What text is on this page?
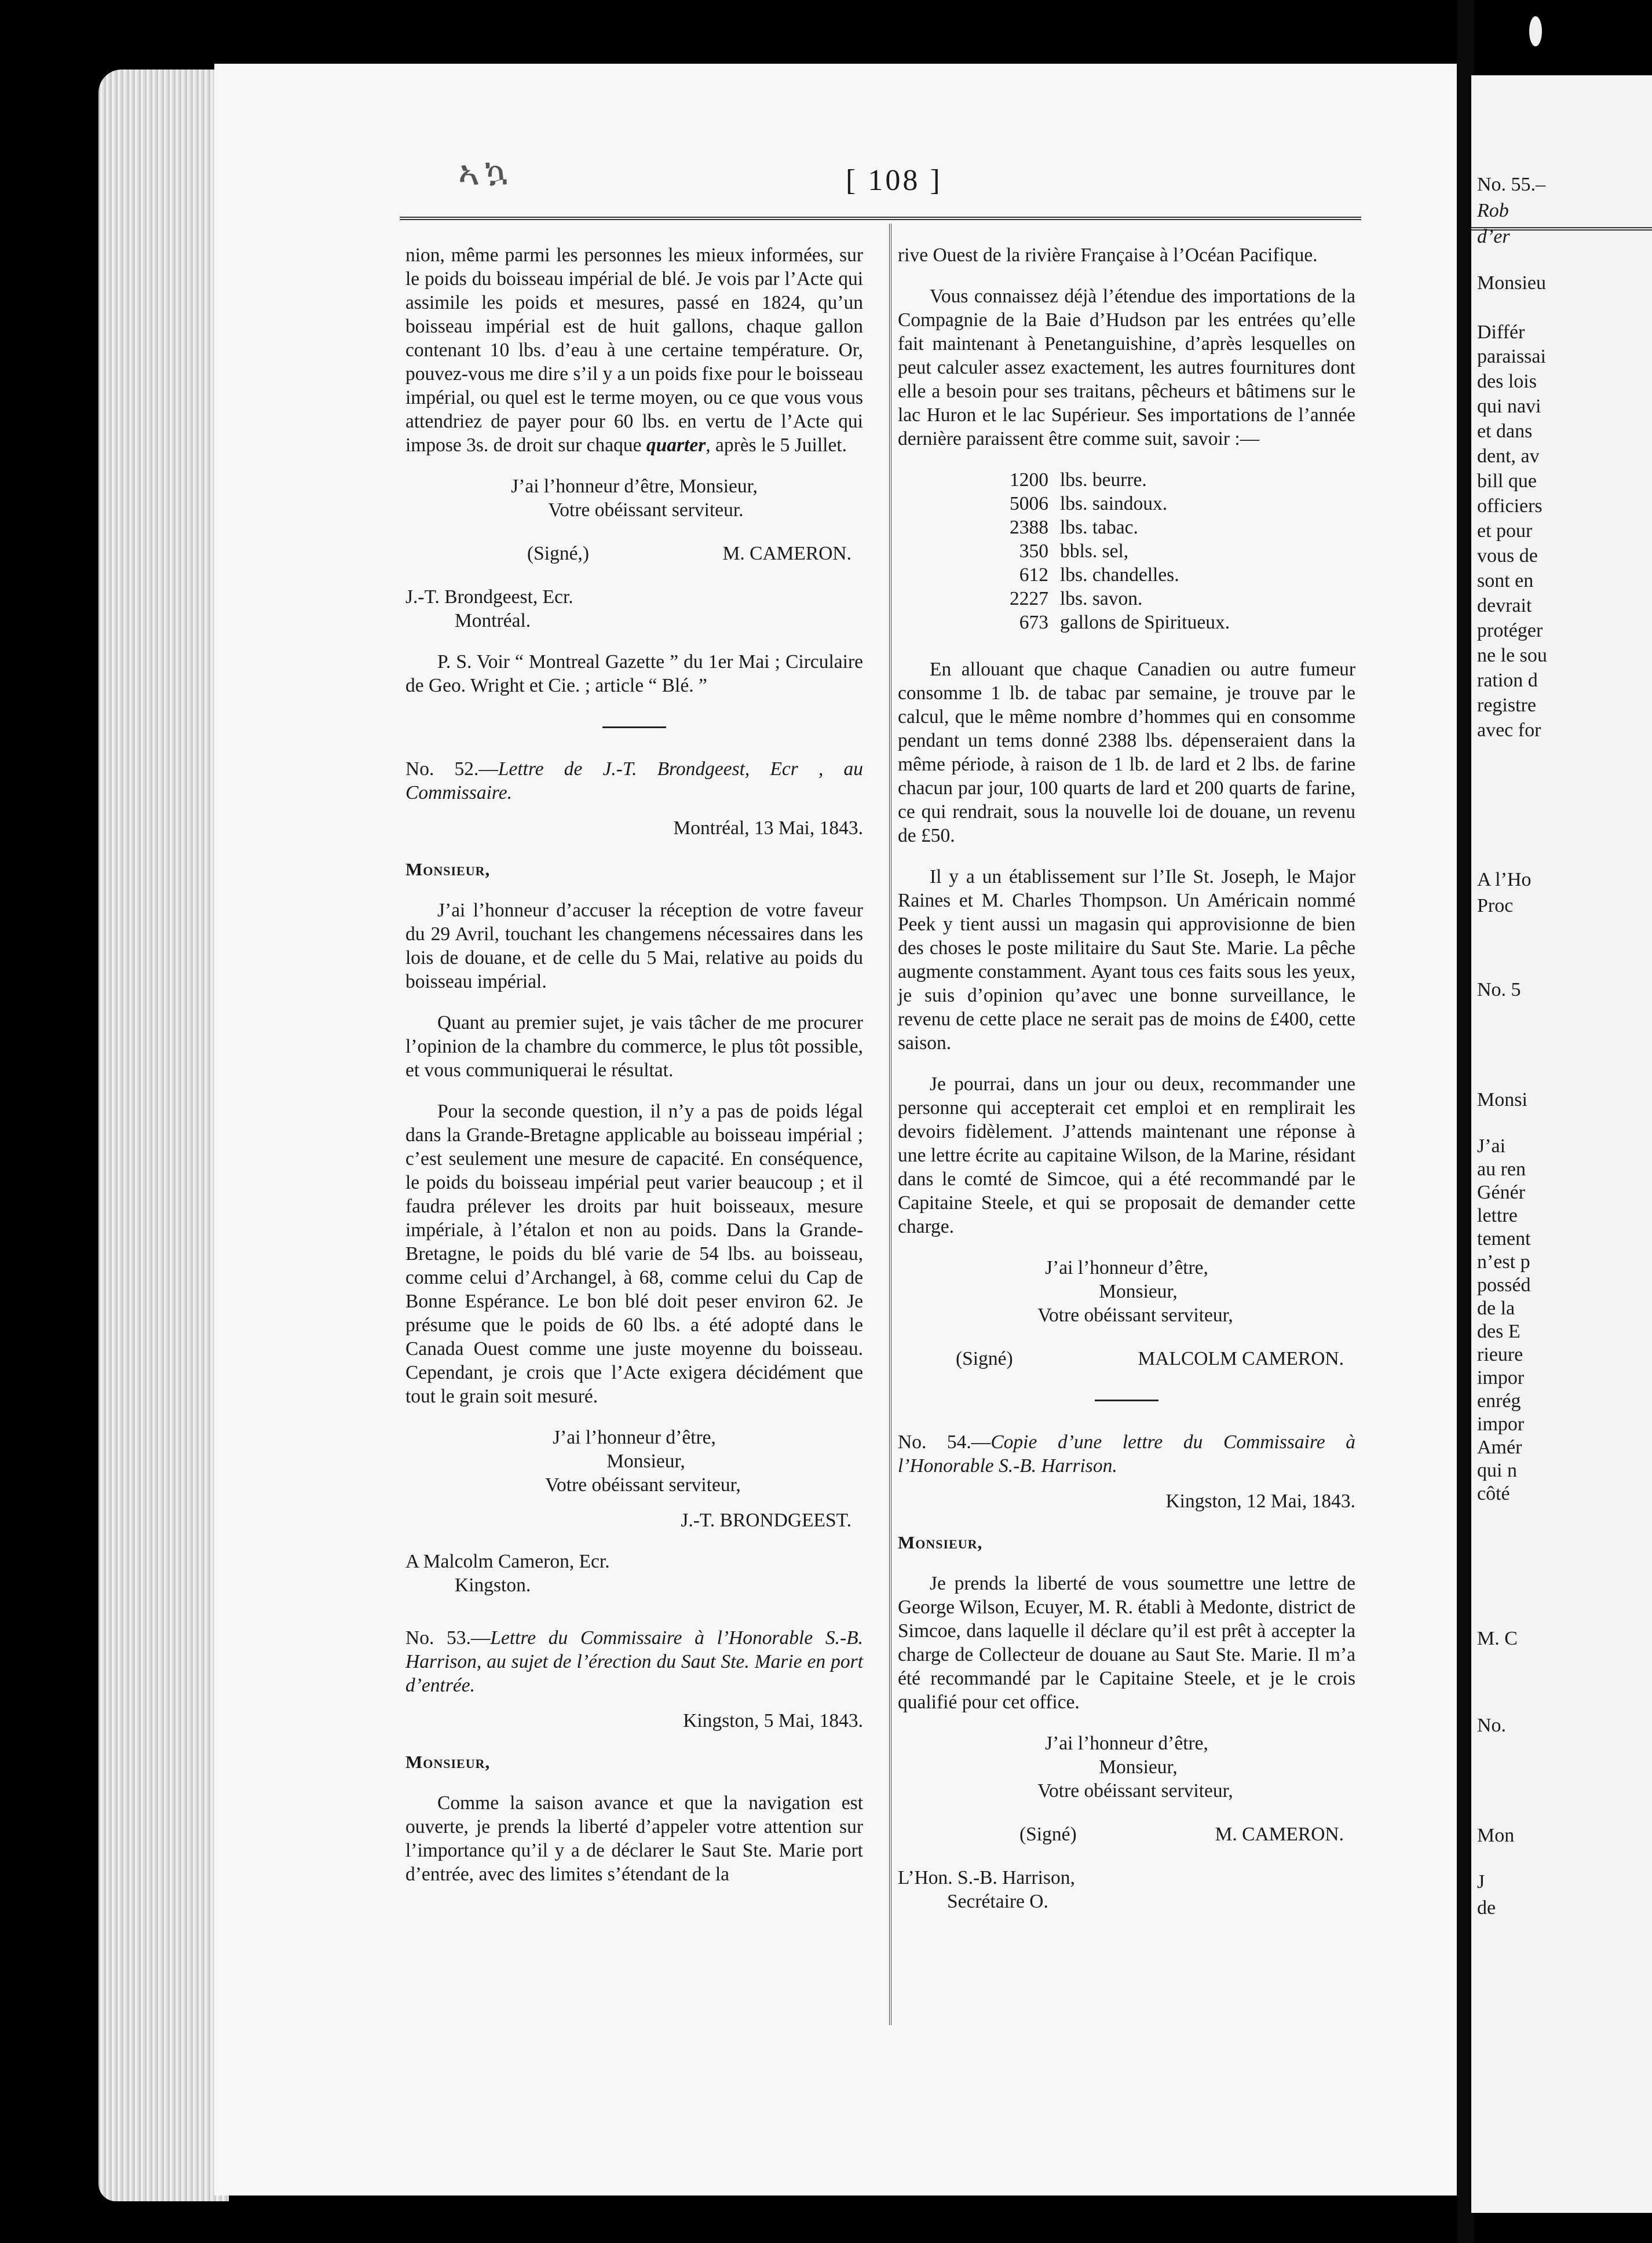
ኣኳ	[ 108 ]

nion, même parmi les personnes les mieux informées, sur le poids du boisseau impérial de blé. Je vois par l’Acte qui assimile les poids et mesures, passé en 1824, qu’un boisseau impérial est de huit gallons, chaque gallon contenant 10 lbs. d’eau à une certaine température. Or, pouvez-vous me dire s’il y a un poids fixe pour le boisseau impérial, ou quel est le terme moyen, ou ce que vous vous attendriez de payer pour 60 lbs. en vertu de l’Acte qui impose 3s. de droit sur chaque quarter, après le 5 Juillet.

J’ai l’honneur d’être, Monsieur,
Votre obéissant serviteur.
(Signé,)	M. CAMERON.
J.-T. Brondgeest, Ecr.
Montréal.

P. S. Voir “ Montreal Gazette ” du 1er Mai ; Circulaire de Geo. Wright et Cie. ; article “ Blé. ”

No. 52.—Lettre de J.-T. Brondgeest, Ecr , au Commissaire.

Montréal, 13 Mai, 1843.

Monsieur,

J’ai l’honneur d’accuser la réception de votre faveur du 29 Avril, touchant les changemens nécessaires dans les lois de douane, et de celle du 5 Mai, relative au poids du boisseau impérial.

Quant au premier sujet, je vais tâcher de me procurer l’opinion de la chambre du commerce, le plus tôt possible, et vous communiquerai le résultat.

Pour la seconde question, il n’y a pas de poids légal dans la Grande-Bretagne applicable au boisseau impérial ; c’est seulement une mesure de capacité. En conséquence, le poids du boisseau impérial peut varier beaucoup ; et il faudra prélever les droits par huit boisseaux, mesure impériale, à l’étalon et non au poids. Dans la Grande-Bretagne, le poids du blé varie de 54 lbs. au boisseau, comme celui d’Archangel, à 68, comme celui du Cap de Bonne Espérance. Le bon blé doit peser environ 62. Je présume que le poids de 60 lbs. a été adopté dans le Canada Ouest comme une juste moyenne du boisseau. Cependant, je crois que l’Acte exigera décidément que tout le grain soit mesuré.

J’ai l’honneur d’être,
Monsieur,
Votre obéissant serviteur,

J.-T. BRONDGEEST.

A Malcolm Cameron, Ecr.
Kingston.

No. 53.—Lettre du Commissaire à l’Honorable S.-B. Harrison, au sujet de l’érection du Saut Ste. Marie en port d’entrée.

Kingston, 5 Mai, 1843.

Monsieur,

Comme la saison avance et que la navigation est ouverte, je prends la liberté d’appeler votre attention sur l’importance qu’il y a de déclarer le Saut Ste. Marie port d’entrée, avec des limites s’étendant de la

rive Ouest de la rivière Française à l’Océan Pacifique.

Vous connaissez déjà l’étendue des importations de la Compagnie de la Baie d’Hudson par les entrées qu’elle fait maintenant à Penetanguishine, d’après lesquelles on peut calculer assez exactement, les autres fournitures dont elle a besoin pour ses traitans, pêcheurs et bâtimens sur le lac Huron et le lac Supérieur. Ses importations de l’année dernière paraissent être comme suit, savoir :—

1200 lbs. beurre.
5006 lbs. saindoux.
2388 lbs. tabac.
350 bbls. sel,
612 lbs. chandelles.
2227 lbs. savon.
673 gallons de Spiritueux.

En allouant que chaque Canadien ou autre fumeur consomme 1 lb. de tabac par semaine, je trouve par le calcul, que le même nombre d’hommes qui en consomme pendant un tems donné 2388 lbs. dépenseraient dans la même période, à raison de 1 lb. de lard et 2 lbs. de farine chacun par jour, 100 quarts de lard et 200 quarts de farine, ce qui rendrait, sous la nouvelle loi de douane, un revenu de £50.

Il y a un établissement sur l’Ile St. Joseph, le Major Raines et M. Charles Thompson. Un Américain nommé Peek y tient aussi un magasin qui approvisionne de bien des choses le poste militaire du Saut Ste. Marie. La pêche augmente constamment. Ayant tous ces faits sous les yeux, je suis d’opinion qu’avec une bonne surveillance, le revenu de cette place ne serait pas de moins de £400, cette saison.

Je pourrai, dans un jour ou deux, recommander une personne qui accepterait cet emploi et en remplirait les devoirs fidèlement. J’attends maintenant une réponse à une lettre écrite au capitaine Wilson, de la Marine, résidant dans le comté de Simcoe, qui a été recommandé par le Capitaine Steele, et qui se proposait de demander cette charge.

J’ai l’honneur d’être,
Monsieur,
Votre obéissant serviteur,
(Signé)	MALCOLM CAMERON.

No. 54.—Copie d’une lettre du Commissaire à l’Honorable S.-B. Harrison.

Kingston, 12 Mai, 1843.

Monsieur,

Je prends la liberté de vous soumettre une lettre de George Wilson, Ecuyer, M. R. établi à Medonte, district de Simcoe, dans laquelle il déclare qu’il est prêt à accepter la charge de Collecteur de douane au Saut Ste. Marie. Il m’a été recommandé par le Capitaine Steele, et je le crois qualifié pour cet office.

J’ai l’honneur d’être,
Monsieur,
Votre obéissant serviteur,
(Signé)	M. CAMERON.
L’Hon. S.-B. Harrison,
Secrétaire O.
No. 55.–
Rob
d’er
Monsieu
Différ
paraissai
des lois
qui navi
et dans
dent, av
bill que
officiers
et pour
vous de
sont en
devrait
protéger
ne le sou
ration d
registre
avec for
A l’Ho
Proc
No. 5
Monsi
J’ai
au ren
Génér
lettre
tement
n’est p
posséd
de la
des E
rieure
impor
enrég
impor
Amér
qui n
côté
M. C
No.
Mon
J
de
